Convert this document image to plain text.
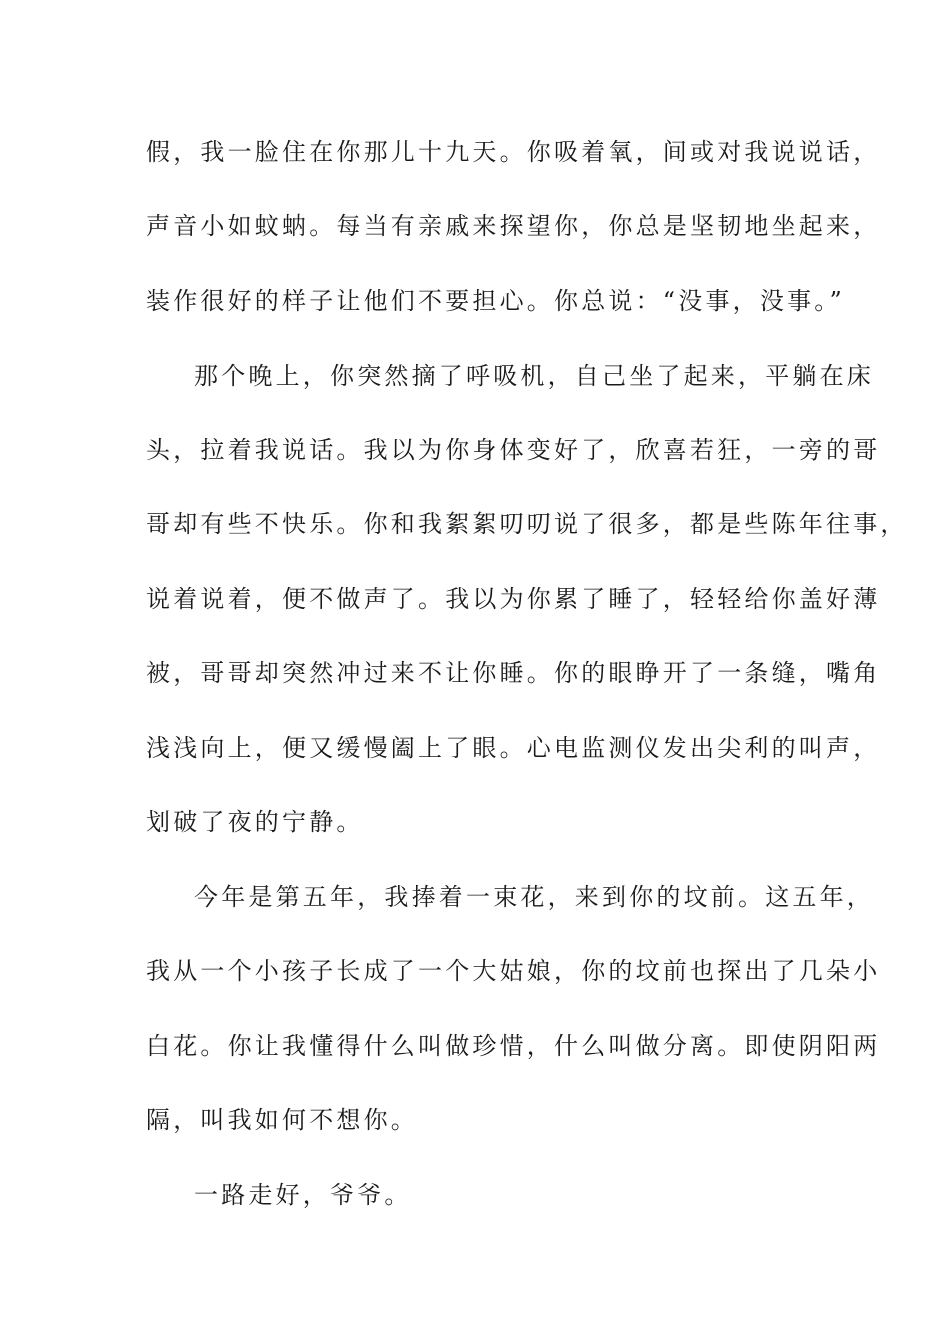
假，我一脸住在你那儿十九天。你吸着氧，间或对我说说话，
声音小如蚊蚋。每当有亲戚来探望你，你总是坚韧地坐起来，
装作很好的样子让他们不要担心。你总说：“没事，没事。”
那个晚上，你突然摘了呼吸机，自己坐了起来，平躺在床
头，拉着我说话。我以为你身体变好了，欣喜若狂，一旁的哥
哥却有些不快乐。你和我絮絮叨叨说了很多，都是些陈年往事，
说着说着，便不做声了。我以为你累了睡了，轻轻给你盖好薄
被，哥哥却突然冲过来不让你睡。你的眼睁开了一条缝，嘴角
浅浅向上，便又缓慢阖上了眼。心电监测仪发出尖利的叫声，
划破了夜的宁静。
今年是第五年，我捧着一束花，来到你的坟前。这五年，
我从一个小孩子长成了一个大姑娘，你的坟前也探出了几朵小
白花。你让我懂得什么叫做珍惜，什么叫做分离。即使阴阳两
隔，叫我如何不想你。
一路走好，爷爷。
